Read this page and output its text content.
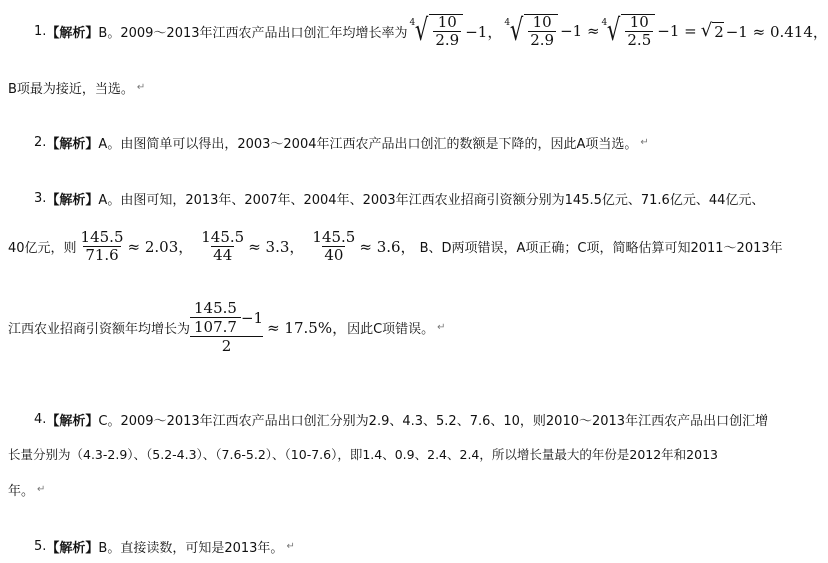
1. 【解析】 B。2009～2013年江西农产品出口创汇年均增长率为
4 √ $\frac{10}{2.9} -1$， 4 √ $\frac{10}{2.9} -1 \approx 4$ √ $\frac{10}{2.5} -1$ = √ 2 −1 ≈ 0.414，
B项最为接近，当选。 ↵
2. 【解析】 A。由图简单可以得出，2003～2004年江西农产品出口创汇的数额是下降的，因此A项当选。 ↵
3. 【解析】 A。由图可知，2013年、2007年、2004年、2003年江西农业招商引资额分别为145.5亿元、71.6亿元、44亿元、
40亿元，则 $\frac{145.5}{71.6} \approx 2.03$， $\frac{145.5}{44} \approx 3.3$， $\frac{145.5}{40} \approx 3.6$， B、D两项错误，A项正确；C项，简略估算可知2011～2013年
江西农业招商引资额年均增长为 $\frac{\frac{145.5}{107.7} -1}{2} \approx 17.5\%$， 因此C项错误。 ↵
4. 【解析】 C。2009～2013年江西农产品出口创汇分别为2.9、4.3、5.2、7.6、10，则2010～2013年江西农产品出口创汇增
长量分别为（4.3-2.9）、（5.2-4.3）、（7.6-5.2）、（10-7.6），即1.4、0.9、2.4、2.4，所以增长量最大的年份是2012年和2013
年。 ↵
5. 【解析】 B。直接读数，可知是2013年。 ↵
